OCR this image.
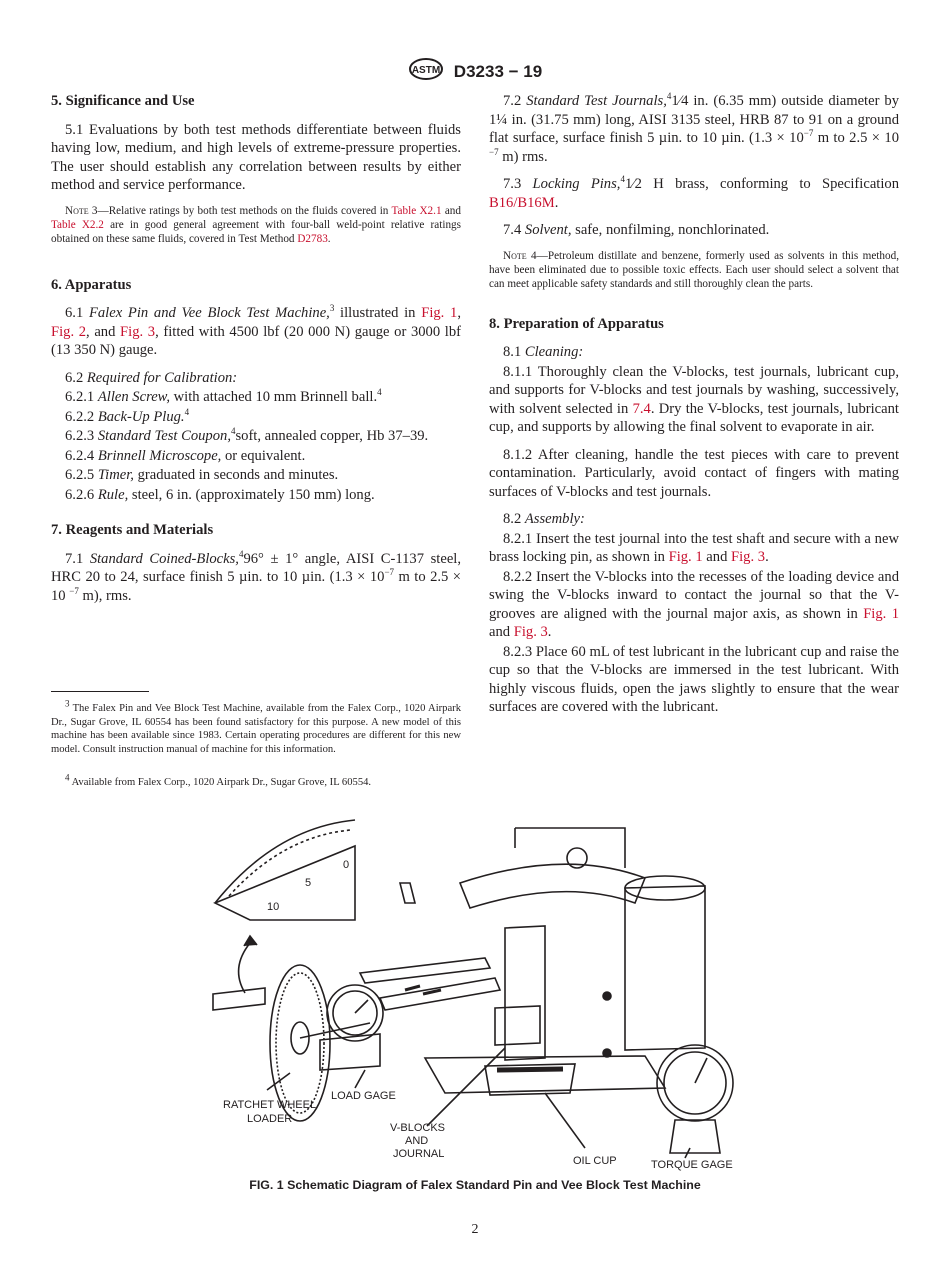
ASTM D3233 − 19

5. Significance and Use

5.1 Evaluations by both test methods differentiate between fluids having low, medium, and high levels of extreme-pressure properties. The user should establish any correlation between results by either method and service performance.

Note 3—Relative ratings by both test methods on the fluids covered in Table X2.1 and Table X2.2 are in good general agreement with four-ball weld-point relative ratings obtained on these same fluids, covered in Test Method D2783.

6. Apparatus

6.1 Falex Pin and Vee Block Test Machine,$^3$ illustrated in Fig. 1, Fig. 2, and Fig. 3, fitted with 4500 lbf (20 000 N) gauge or 3000 lbf (13 350 N) gauge.

6.2 Required for Calibration:

6.2.1 Allen Screw, with attached 10 mm Brinnell ball.$^4$

6.2.2 Back-Up Plug.$^4$

6.2.3 Standard Test Coupon,$^4$soft, annealed copper, Hb 37–39.

6.2.4 Brinnell Microscope, or equivalent.

6.2.5 Timer, graduated in seconds and minutes.

6.2.6 Rule, steel, 6 in. (approximately 150 mm) long.

7. Reagents and Materials

7.1 Standard Coined-Blocks,$^4$96° ± 1° angle, AISI C-1137 steel, HRC 20 to 24, surface finish 5 µin. to 10 µin. ($1.3 \times 10^{-7}$ m to 2.5 × 10 $^{-7}$ m), rms.

$^3$ The Falex Pin and Vee Block Test Machine, available from the Falex Corp., 1020 Airpark Dr., Sugar Grove, IL 60554 has been found satisfactory for this purpose. A new model of this machine has been available since 1983. Certain operating procedures are different for this new model. Consult instruction manual of machine for this information.

$^4$ Available from Falex Corp., 1020 Airpark Dr., Sugar Grove, IL 60554.

7.2 Standard Test Journals,$^4$1⁄4 in. (6.35 mm) outside diameter by 1¼ in. (31.75 mm) long, AISI 3135 steel, HRB 87 to 91 on a ground flat surface, surface finish 5 µin. to 10 µin. ($1.3 \times 10^{-7}$ m to 2.5 × 10 $^{-7}$ m) rms.

7.3 Locking Pins,$^4$1⁄2 H brass, conforming to Specification B16/B16M.

7.4 Solvent, safe, nonfilming, nonchlorinated.

Note 4—Petroleum distillate and benzene, formerly used as solvents in this method, have been eliminated due to possible toxic effects. Each user should select a solvent that can meet applicable safety standards and still thoroughly clean the parts.

8. Preparation of Apparatus

8.1 Cleaning:

8.1.1 Thoroughly clean the V-blocks, test journals, lubricant cup, and supports for V-blocks and test journals by washing, successively, with solvent selected in 7.4. Dry the V-blocks, test journals, lubricant cup, and supports by allowing the final solvent to evaporate in air.

8.1.2 After cleaning, handle the test pieces with care to prevent contamination. Particularly, avoid contact of fingers with mating surfaces of V-blocks and test journals.

8.2 Assembly:

8.2.1 Insert the test journal into the test shaft and secure with a new brass locking pin, as shown in Fig. 1 and Fig. 3.

8.2.2 Insert the V-blocks into the recesses of the loading device and swing the V-blocks inward to contact the journal so that the V-grooves are aligned with the journal major axis, as shown in Fig. 1 and Fig. 3.

8.2.3 Place 60 mL of test lubricant in the lubricant cup and raise the cup so that the V-blocks are immersed in the test lubricant. With highly viscous fluids, open the jaws slightly to ensure that the wear surfaces are covered with the lubricant.

0
5
10
RATCHET WHEEL
LOADER
LOAD GAGE
V-BLOCKS
AND
JOURNAL
OIL CUP	TORQUE GAGE
FIG. 1 Schematic Diagram of Falex Standard Pin and Vee Block Test Machine
2
